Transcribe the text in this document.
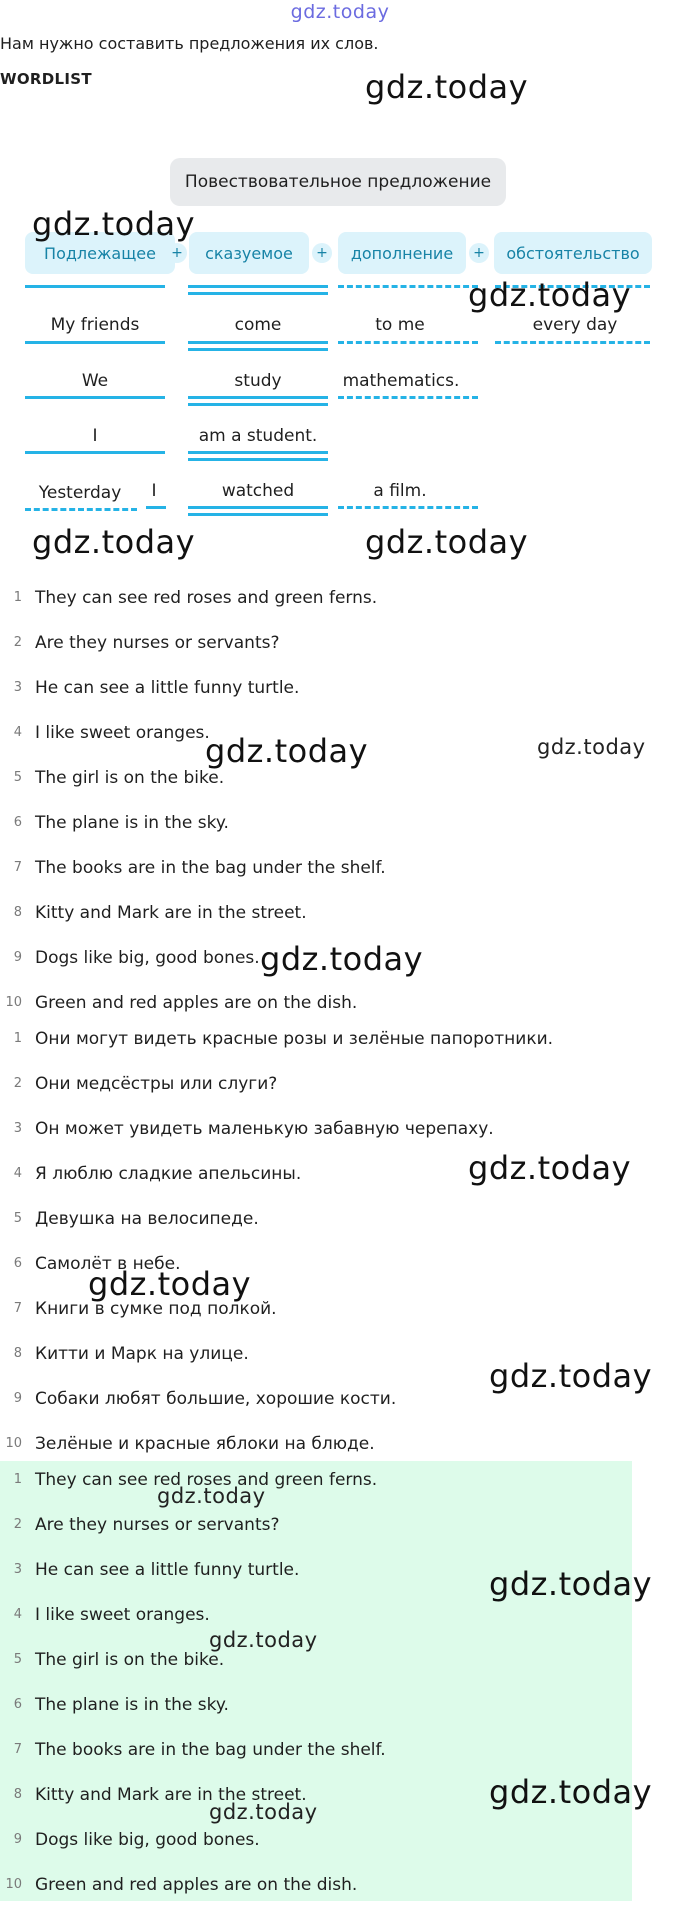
gdz.today
Нам нужно составить предложения их слов.
WORDLIST
Повествовательное предложение
Подлежащее	+	сказуемое	+	дополнение	+	обстоятельство
My friends	come	to me	every day
We	study	mathematics.
I	am a student.
Yesterday	I	watched	a film.
1 They can see red roses and green ferns.
2 Are they nurses or servants?
3 He can see a little funny turtle.
4 I like sweet oranges.
5 The girl is on the bike.
6 The plane is in the sky.
7 The books are in the bag under the shelf.
8 Kitty and Mark are in the street.
9 Dogs like big, good bones.
10 Green and red apples are on the dish.
1 Они могут видеть красные розы и зелёные папоротники.
2 Они медсёстры или слуги?
3 Он может увидеть маленькую забавную черепаху.
4 Я люблю сладкие апельсины.
5 Девушка на велосипеде.
6 Самолёт в небе.
7 Книги в сумке под полкой.
8 Китти и Марк на улице.
9 Собаки любят большие, хорошие кости.
10 Зелёные и красные яблоки на блюде.
1 They can see red roses and green ferns.
2 Are they nurses or servants?
3 He can see a little funny turtle.
4 I like sweet oranges.
5 The girl is on the bike.
6 The plane is in the sky.
7 The books are in the bag under the shelf.
8 Kitty and Mark are in the street.
9 Dogs like big, good bones.
10 Green and red apples are on the dish.
gdz.today
gdz.today
gdz.today
gdz.today	gdz.today
gdz.today	gdz.today
gdz.today
gdz.today
gdz.today
gdz.today
gdz.today
gdz.today
gdz.today
gdz.today
gdz.today
